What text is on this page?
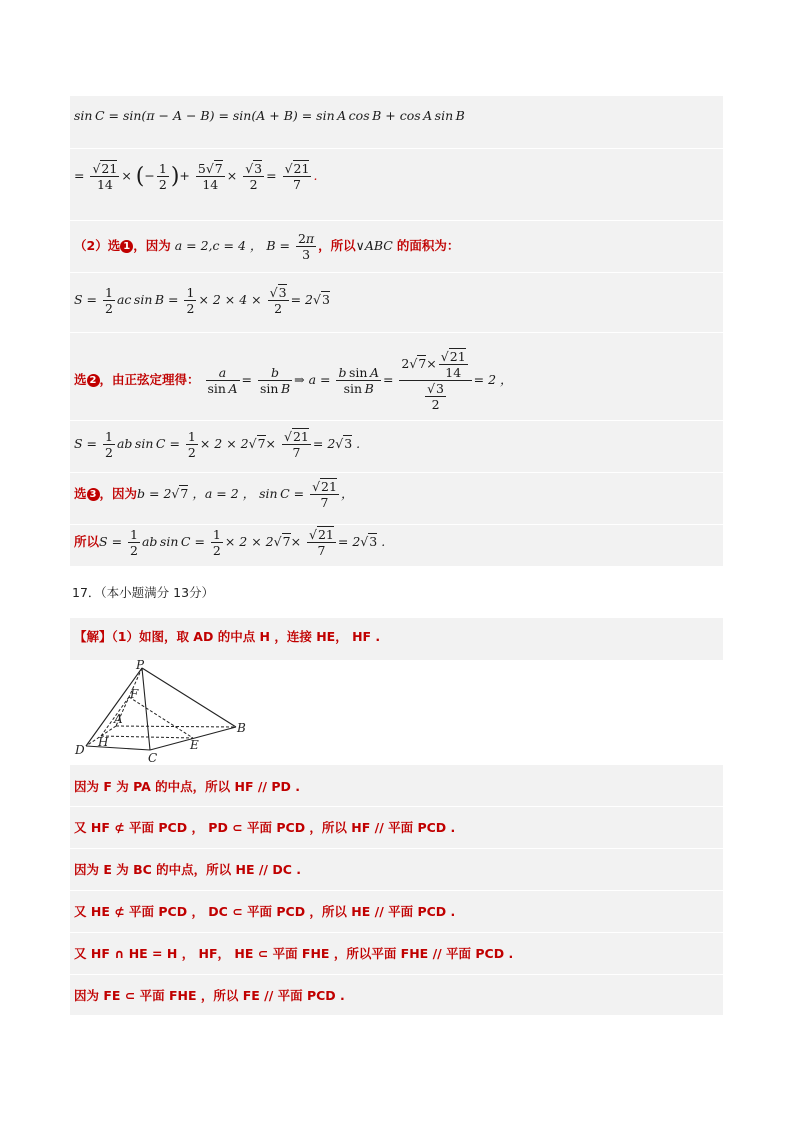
sin C = sin(π − A − B) = sin(A + B) = sin A cos B + cos A sin B
= $\frac{√21}{14}$ × (− $\frac{1}{2}$ )+ $\frac{5√7}{14} \times \frac{√3}{2} = \frac{√21}{7}$ .
（2）选 1 ，因为 a = 2,c = 4 ， $B = \frac{2\pi}{3}$ ，所以∨ABC 的面积为：
$S = \frac{1}{2}$ ac $\sin B = \frac{1}{2} \times 2 \times 4 \times \frac{√3}{2} = 2√3$
选 2 ，由正弦定理得： $\frac{a}{\text{sin A}} = \frac{b}{\text{sin B}}$ ⇒ $a = \frac{\text{b sin A}}{\text{sin B}} = \frac{2√7\times \frac{√21}{14}}{\frac{√3}{2}} = 2$ ，
$S = \frac{1}{2}$ ab $\sin C = \frac{1}{2} \times 2 \times 2√7\times \frac{√21}{7} = 2√3$ .
选 3 ，因为b = 2√7 ，a = 2 ， $\sin C = \frac{√21}{7}$ ，
所以$S = \frac{1}{2}$ ab $\sin C = \frac{1}{2} \times 2 \times 2√7\times \frac{√21}{7} = 2√3$ .
17．（本小题满分 13分）
【解】（1）如图，取 AD 的中点 H ，连接 HE， HF .
P
F
A
H
D
C
E
B
因为 F 为 PA 的中点，所以 HF // PD .
又 HF ⊄ 平面 PCD ， PD ⊂ 平面 PCD ，所以 HF // 平面 PCD .
因为 E 为 BC 的中点，所以 HE // DC .
又 HE ⊄ 平面 PCD ， DC ⊂ 平面 PCD ，所以 HE // 平面 PCD .
又 HF ∩ HE = H ， HF， HE ⊂ 平面 FHE ，所以平面 FHE // 平面 PCD .
因为 FE ⊂ 平面 FHE ，所以 FE // 平面 PCD .
